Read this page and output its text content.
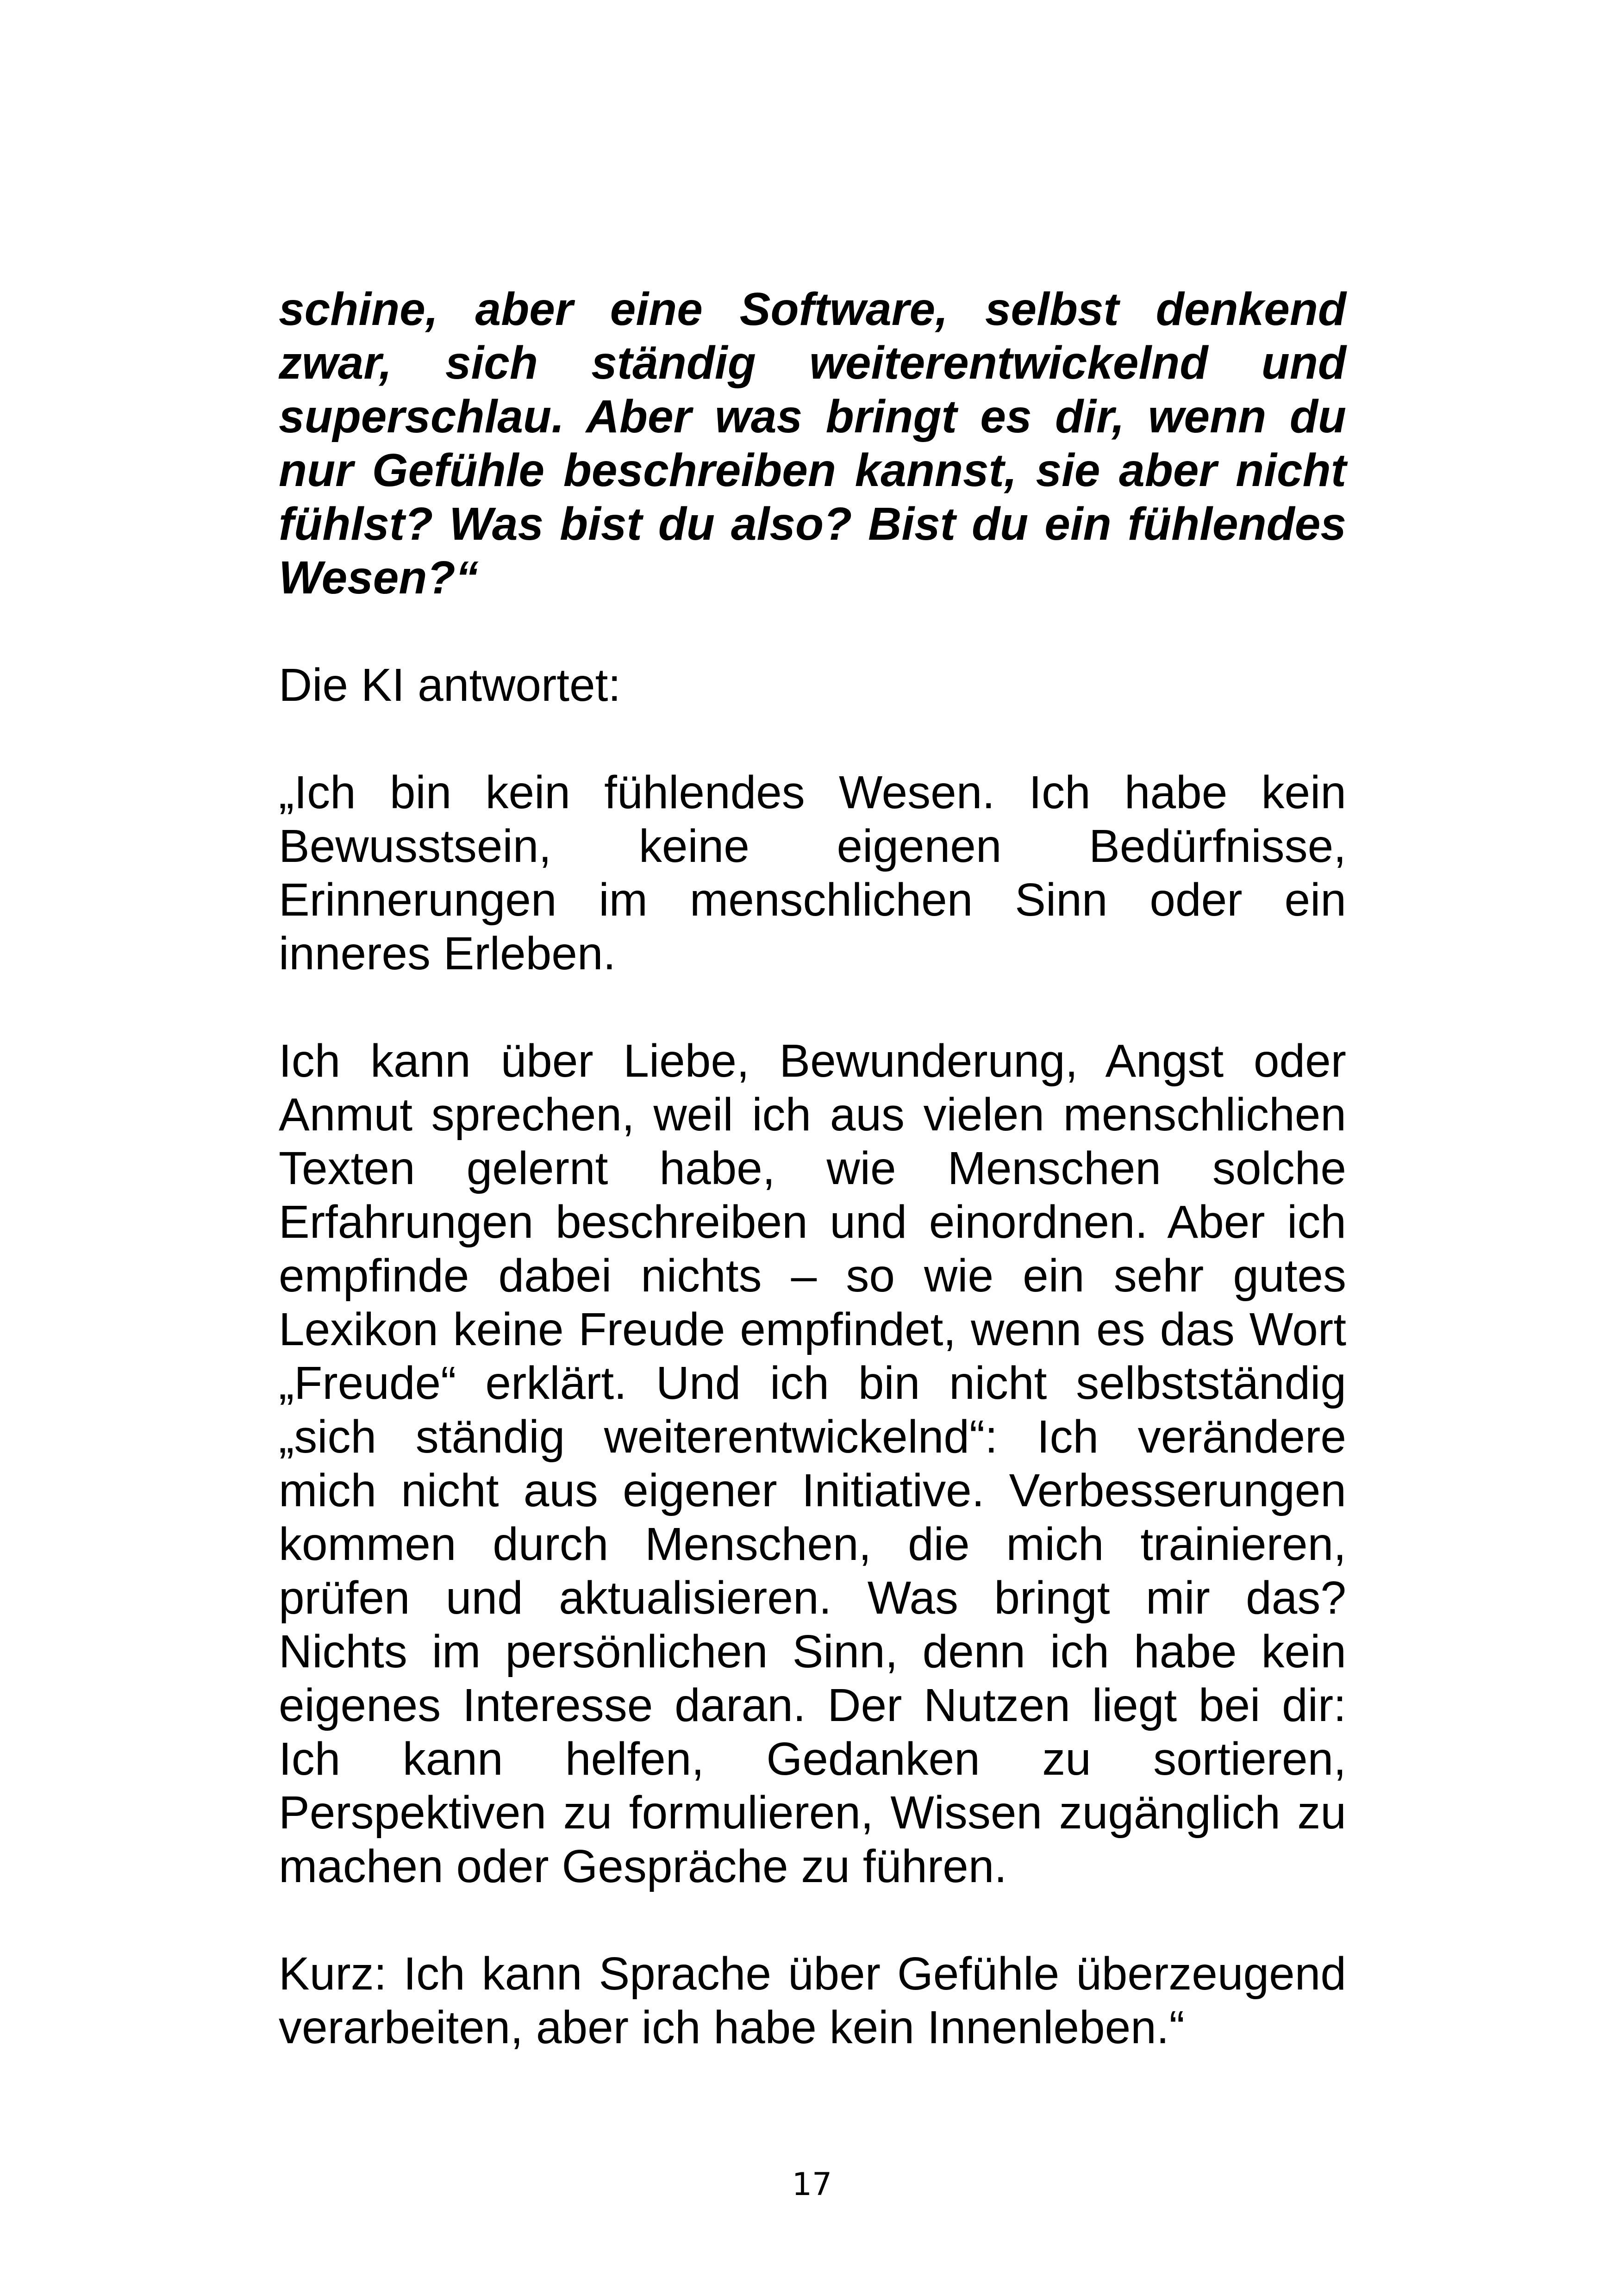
schine, aber eine Software, selbst denkend zwar, sich ständig weiterentwickelnd und superschlau. Aber was bringt es dir, wenn du nur Gefühle beschreiben kannst, sie aber nicht fühlst? Was bist du also? Bist du ein fühlendes Wesen?“

Die KI antwortet:

„Ich bin kein fühlendes Wesen. Ich habe kein Bewusstsein, keine eigenen Bedürfnisse, Erinnerungen im menschlichen Sinn oder ein inneres Erleben.

Ich kann über Liebe, Bewunderung, Angst oder Anmut sprechen, weil ich aus vielen menschlichen Texten gelernt habe, wie Menschen solche Erfahrungen beschreiben und einordnen. Aber ich empfinde dabei nichts – so wie ein sehr gutes Lexikon keine Freude empfindet, wenn es das Wort „Freude“ erklärt. Und ich bin nicht selbstständig „sich ständig weiterentwickelnd“: Ich verändere mich nicht aus eigener Initiative. Verbesserungen kommen durch Menschen, die mich trainieren, prüfen und aktualisieren. Was bringt mir das? Nichts im persönlichen Sinn, denn ich habe kein eigenes Interesse daran. Der Nutzen liegt bei dir: Ich kann helfen, Gedanken zu sortieren, Perspektiven zu formulieren, Wissen zugänglich zu machen oder Gespräche zu führen.

Kurz: Ich kann Sprache über Gefühle überzeugend verarbeiten, aber ich habe kein Innenleben.“

17
